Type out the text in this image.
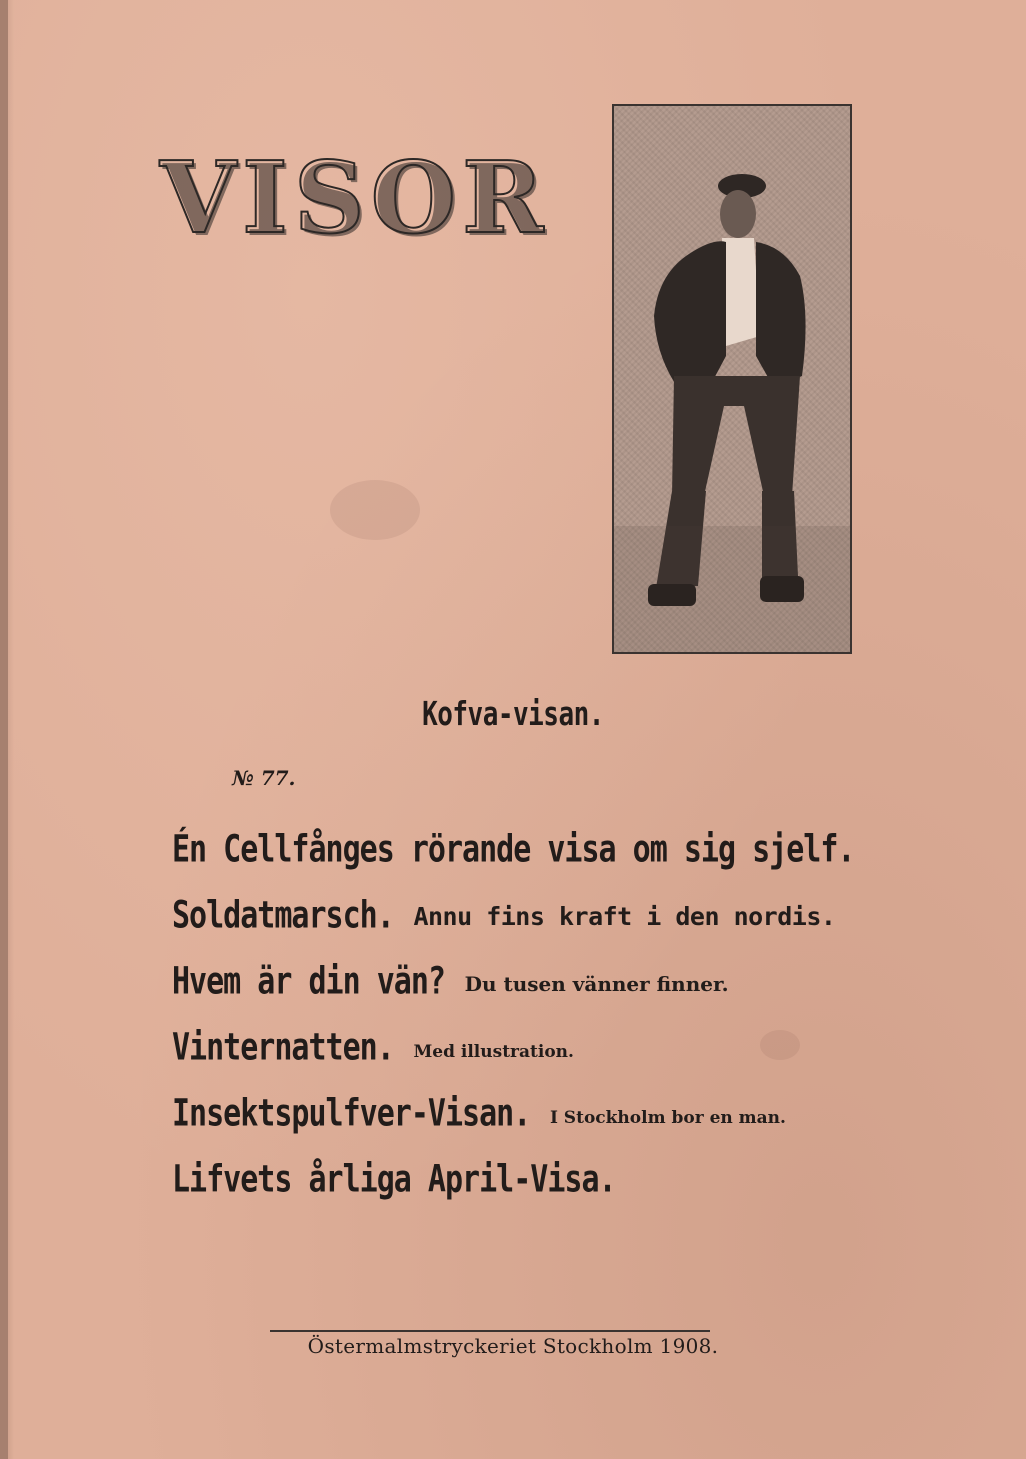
VISOR
Kofva-visan.
№ 77.
Én Cellfånges rörande visa om sig sjelf.
Soldatmarsch. Annu fins kraft i den nordis.
Hvem är din vän? Du tusen vänner finner.
Vinternatten. Med illustration.
Insektspulfver-Visan. I Stockholm bor en man.
Lifvets årliga April-Visa.
Östermalmstryckeriet Stockholm 1908.
